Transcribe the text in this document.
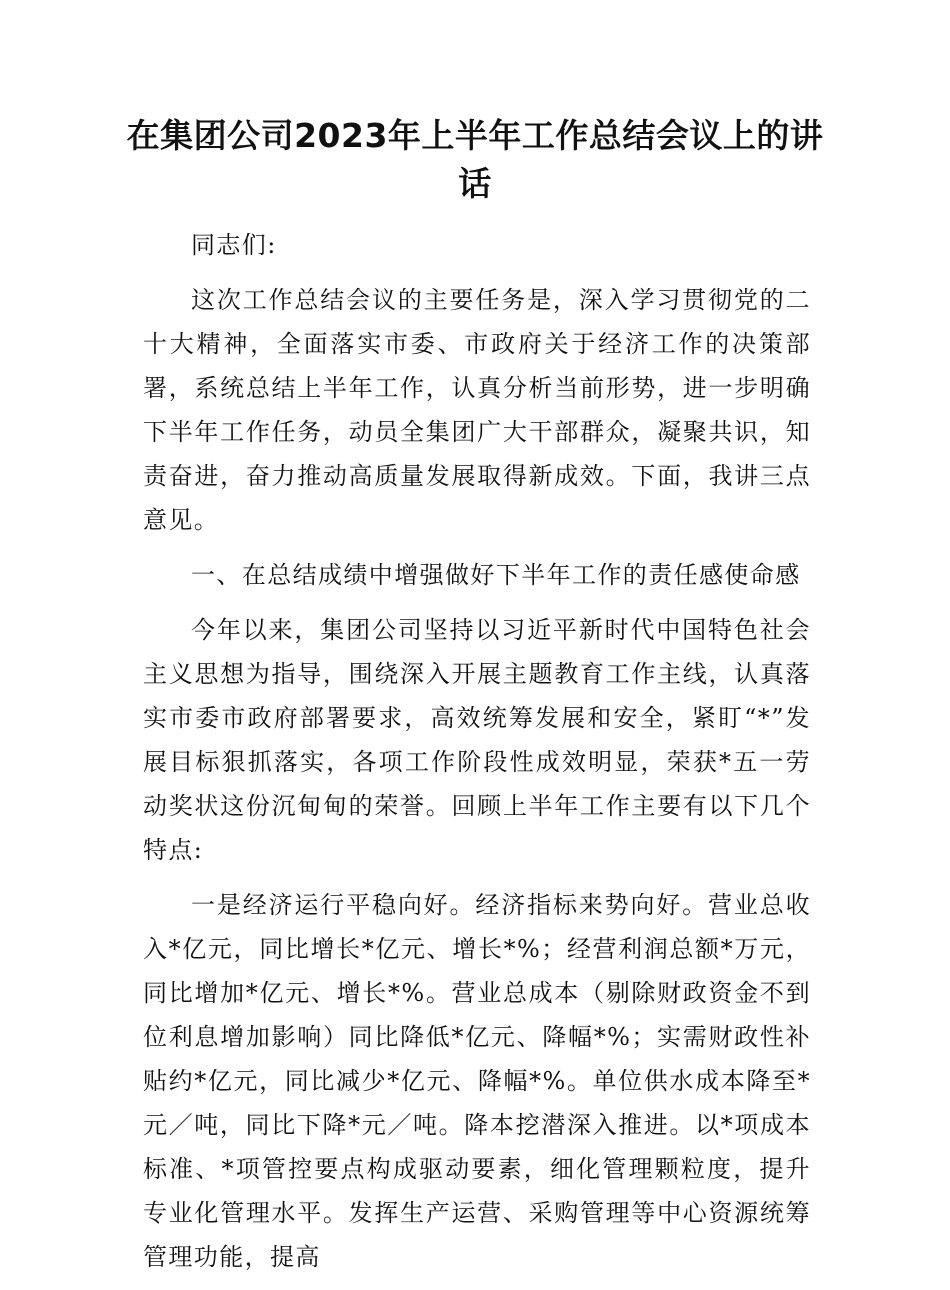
在集团公司2023年上半年工作总结会议上的讲话

同志们:

这次工作总结会议的主要任务是，深入学习贯彻党的二十大精神，全面落实市委、市政府关于经济工作的决策部署，系统总结上半年工作，认真分析当前形势，进一步明确下半年工作任务，动员全集团广大干部群众，凝聚共识，知责奋进，奋力推动高质量发展取得新成效。下面，我讲三点意见。

一、在总结成绩中增强做好下半年工作的责任感使命感

今年以来，集团公司坚持以习近平新时代中国特色社会主义思想为指导，围绕深入开展主题教育工作主线，认真落实市委市政府部署要求，高效统筹发展和安全，紧盯“*”发展目标狠抓落实，各项工作阶段性成效明显，荣获*五一劳动奖状这份沉甸甸的荣誉。回顾上半年工作主要有以下几个特点:

一是经济运行平稳向好。经济指标来势向好。营业总收入*亿元，同比增长*亿元、增长*%；经营利润总额*万元，同比增加*亿元、增长*%。营业总成本（剔除财政资金不到位利息增加影响）同比降低*亿元、降幅*%；实需财政性补贴约*亿元，同比减少*亿元、降幅*%。单位供水成本降至*元／吨，同比下降*元／吨。降本挖潜深入推进。以*项成本标准、*项管控要点构成驱动要素，细化管理颗粒度，提升专业化管理水平。发挥生产运营、采购管理等中心资源统筹管理功能，提高
